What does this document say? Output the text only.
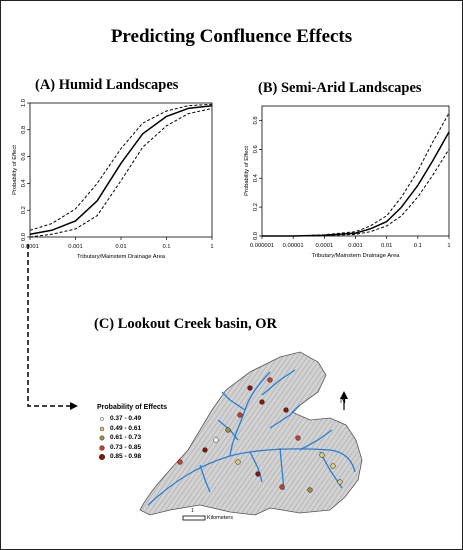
Predicting Confluence Effects
(A) Humid Landscapes	(B) Semi-Arid Landscapes
(C) Lookout Creek basin, OR
0.0001	0.001	0.01	0.1	1
0.0
0.2
0.4
0.6
0.8
1.0
Tributary/Mainstem Drainage Area
Probability of Effect
0.000001 0.00001 0.0001	0.001	0.01	0.1	1
0.0
0.2
0.4
0.6
0.8
Tributary/Mainstem Drainage Area
Probability of Effect
Probability of Effects
0.37 - 0.49
0.49 - 0.61
0.61 - 0.73
0.73 - 0.85
0.85 - 0.98
N
1
Kilometers
